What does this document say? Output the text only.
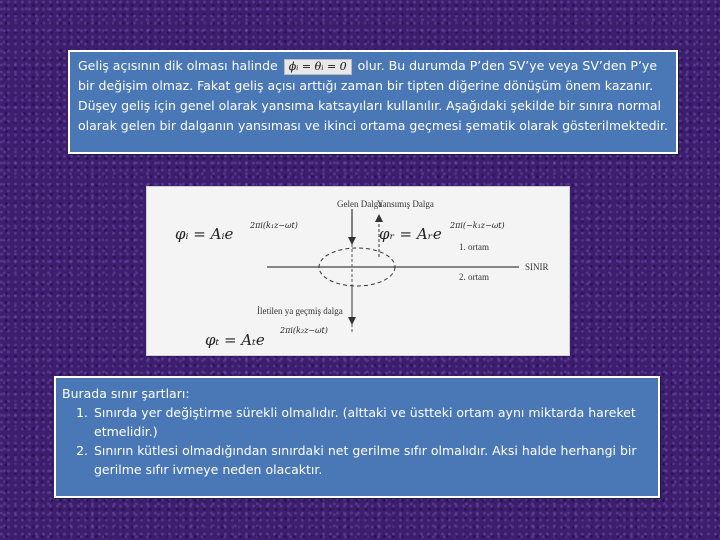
Geliş açısının dik olması halinde ϕᵢ = θᵢ = 0 olur. Bu durumda P’den SV’ye veya SV’den P’ye bir değişim olmaz. Fakat geliş açısı arttığı zaman bir tipten diğerine dönüşüm önem kazanır. Düşey geliş için genel olarak yansıma katsayıları kullanılır. Aşağıdaki şekilde bir sınıra normal olarak gelen bir dalganın yansıması ve ikinci ortama geçmesi şematik olarak gösterilmektedir.

Gelen Dalga
Yansımış Dalga
1. ortam
2. ortam
SINIR
İletilen ya geçmiş dalga
φᵢ = Aᵢe 2πi(k₁z−ωt)	φᵣ = Aᵣe 2πi(−k₁z−ωt)
φₜ = Aₜe
2πi(k₂z−ωt)
Burada sınır şartları:
1. Sınırda yer değiştirme sürekli olmalıdır. (alttaki ve üstteki ortam aynı miktarda hareket etmelidir.)
2. Sınırın kütlesi olmadığından sınırdaki net gerilme sıfır olmalıdır. Aksi halde herhangi bir gerilme sıfır ivmeye neden olacaktır.
